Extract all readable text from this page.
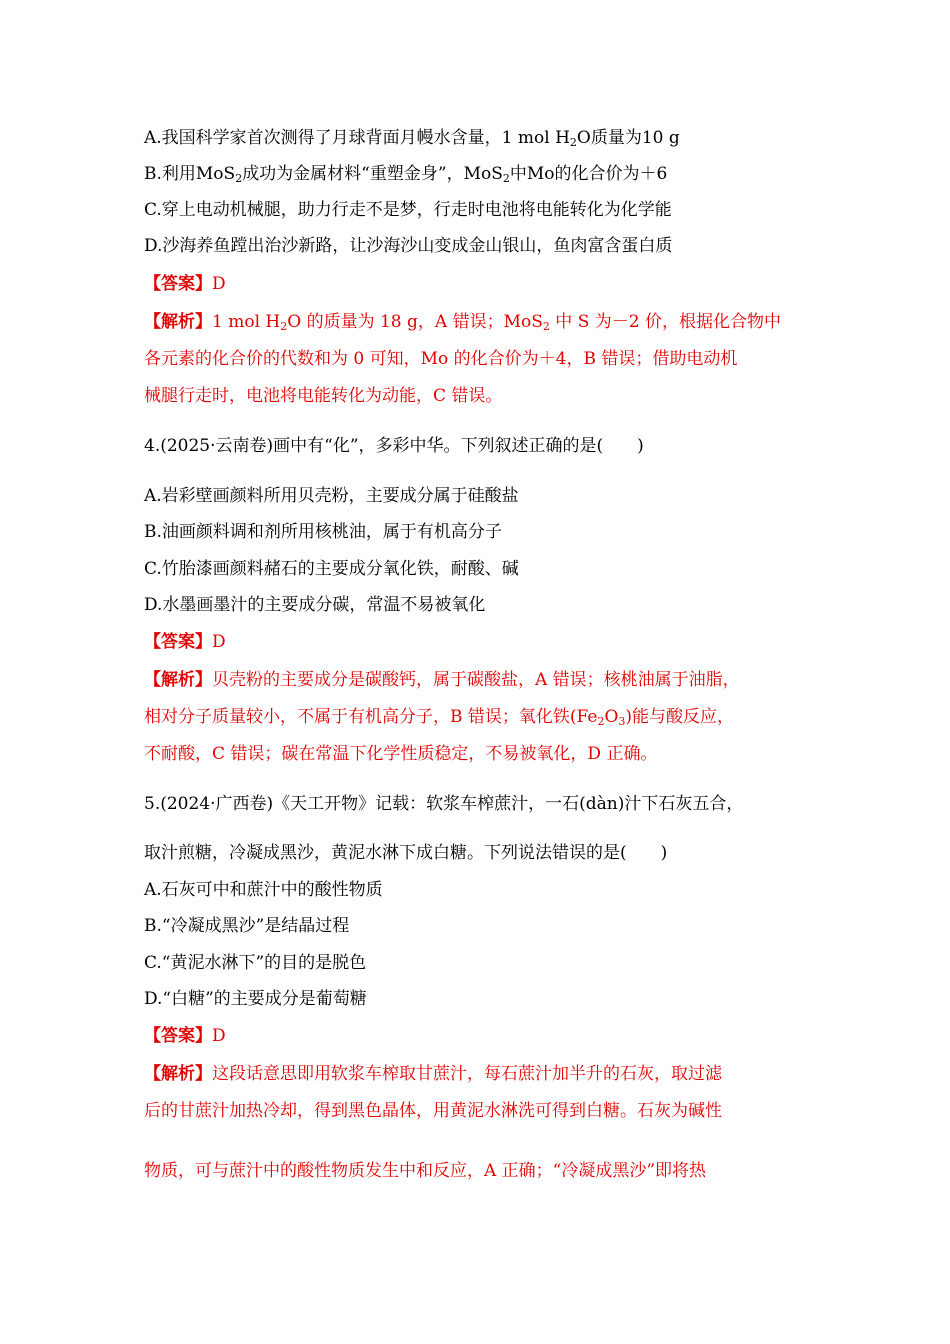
A.我国科学家首次测得了月球背面月幔水含量，1 mol $H_2O$质量为10 g

B.利用MoS$_2$成功为金属材料“重塑金身”，MoS$_2$中Mo的化合价为＋6

C.穿上电动机械腿，助力行走不是梦，行走时电池将电能转化为化学能

D.沙海养鱼蹚出治沙新路，让沙海沙山变成金山银山，鱼肉富含蛋白质

【答案】D

【解析】1 mol $H_2O$ 的质量为 18 g，A 错误；MoS$_2$ 中 S 为－2 价，根据化合物中

各元素的化合价的代数和为 0 可知，Mo 的化合价为＋4，B 错误；借助电动机

械腿行走时，电池将电能转化为动能，C 错误。

4.(2025·云南卷)画中有“化”，多彩中华。下列叙述正确的是(　　)

A.岩彩壁画颜料所用贝壳粉，主要成分属于硅酸盐

B.油画颜料调和剂所用核桃油，属于有机高分子

C.竹胎漆画颜料赭石的主要成分氧化铁，耐酸、碱

D.水墨画墨汁的主要成分碳，常温不易被氧化

【答案】D

【解析】贝壳粉的主要成分是碳酸钙，属于碳酸盐，A 错误；核桃油属于油脂，

相对分子质量较小，不属于有机高分子，B 错误；氧化铁$(Fe_2O_3)$能与酸反应，

不耐酸，C 错误；碳在常温下化学性质稳定，不易被氧化，D 正确。

5.(2024·广西卷)《天工开物》记载：软浆车榨蔗汁，一石(dàn)汁下石灰五合，

取汁煎糖，冷凝成黑沙，黄泥水淋下成白糖。下列说法错误的是(　　)

A.石灰可中和蔗汁中的酸性物质

B.“冷凝成黑沙”是结晶过程

C.“黄泥水淋下”的目的是脱色

D.“白糖”的主要成分是葡萄糖

【答案】D

【解析】这段话意思即用软浆车榨取甘蔗汁，每石蔗汁加半升的石灰，取过滤

后的甘蔗汁加热冷却，得到黑色晶体，用黄泥水淋洗可得到白糖。石灰为碱性

物质，可与蔗汁中的酸性物质发生中和反应，A 正确；“冷凝成黑沙”即将热
